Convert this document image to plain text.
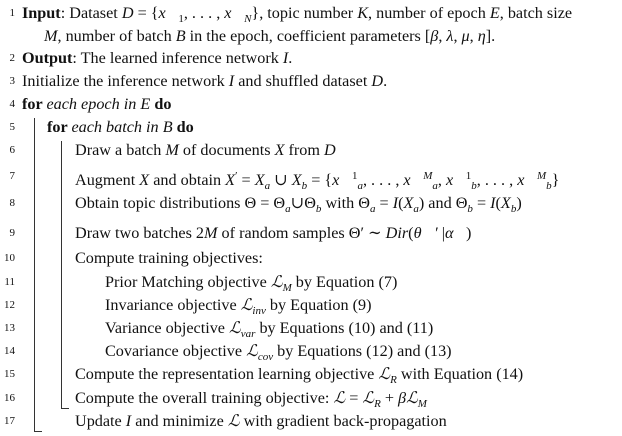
1 Input: Dataset $D = \{x⃗_1$, . . . , $x⃗_N$}, topic number K, number of epoch E, batch size
M, number of batch B in the epoch, coefficient parameters [β, λ, μ, η].
2 Output: The learned inference network I.
3 Initialize the inference network I and shuffled dataset D.
4 for each epoch in E do
5 for each batch in B do
6	Draw a batch M of documents X from D
7	Augment X and obtain $X' = X_a$ ∪ $X_b$ = {x⃗$^1_a$, . . . , x⃗$^M_a$, x⃗$^1_b$, . . . , x⃗$^M_b$}
8	Obtain topic distributions $\Theta = \Theta_a\cup\Theta_b$ with $\Theta_a = I(X_a)$ and $\Theta_b = I(X_b)$
9	Draw two batches 2M of random samples Θ′ ∼ Dir(θ⃗′ |α⃗)
10	Compute training objectives:
11	Prior Matching objective ℒ$_M$ by Equation (7)
12	Invariance objective ℒ$_{inv}$ by Equation (9)
13	Variance objective ℒ$_{var}$ by Equations (10) and (11)
14	Covariance objective ℒ$_{cov}$ by Equations (12) and (13)
15	Compute the representation learning objective ℒ$_R$ with Equation (14)
16	Compute the overall training objective: ℒ = ℒ$_R$ + βℒ$_M$
17	Update I and minimize ℒ with gradient back-propagation
